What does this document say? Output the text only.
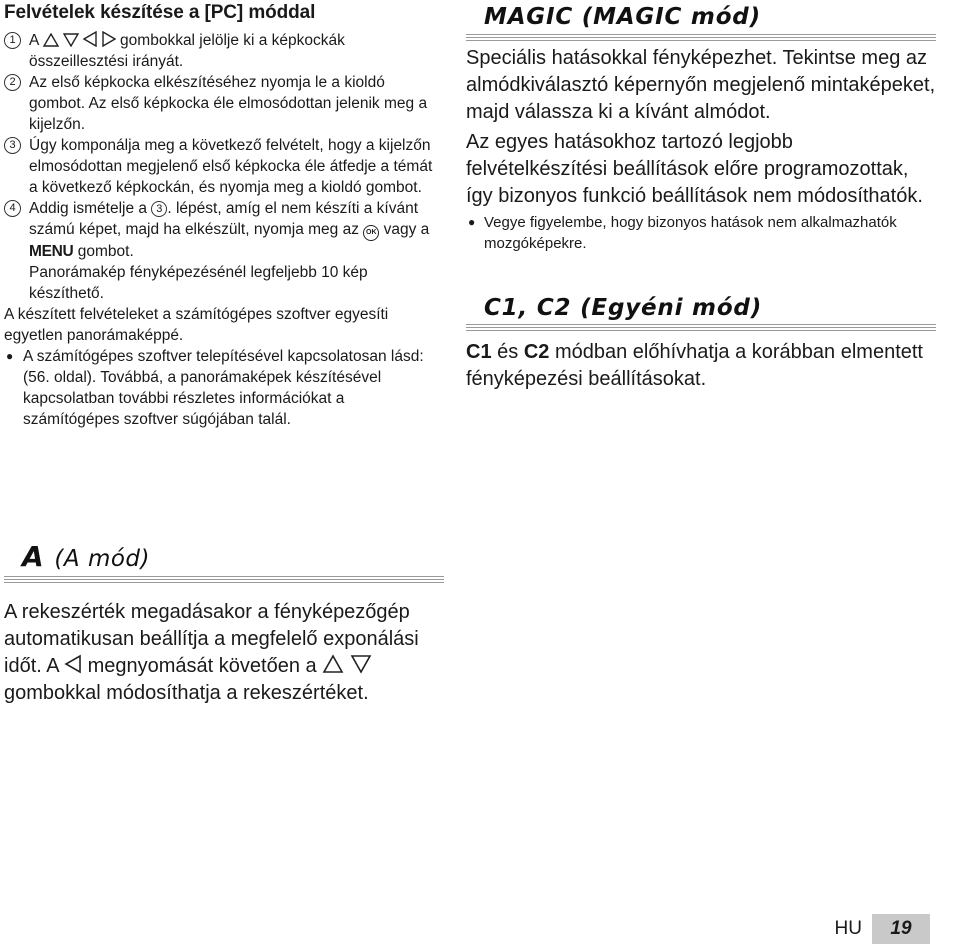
Felvételek készítése a [PC] móddal
1 A	gombokkal jelölje ki a képkockák összeillesztési irányát.
2 Az első képkocka elkészítéséhez nyomja le a kioldó gombot. Az első képkocka éle elmosódottan jelenik meg a kijelzőn.
3 Úgy komponálja meg a következő felvételt, hogy a kijelzőn elmosódottan megjelenő első képkocka éle átfedje a témát a következő képkockán, és nyomja meg a kioldó gombot.
4 Addig ismételje a 3 . lépést, amíg el nem készíti a kívánt számú képet, majd ha elkészült, nyomja meg az OK vagy a MENU gombot.
Panorámakép fényképezésénél legfeljebb 10 kép készíthető.

A készített felvételeket a számítógépes szoftver egyesíti egyetlen panorámaképpé.

● A számítógépes szoftver telepítésével kapcsolatosan lásd: (56. oldal). Továbbá, a panorámaképek készítésével kapcsolatban további részletes információkat a számítógépes szoftver súgójában talál.
A (A mód)

A rekeszérték megadásakor a fényképezőgép automatikusan beállítja a megfelelő exponálási időt. A  megnyomását követően a   gombokkal módosíthatja a rekeszértéket.

MAGIC (MAGIC mód)

Speciális hatásokkal fényképezhet. Tekintse meg az almódkiválasztó képernyőn megjelenő mintaképeket, majd válassza ki a kívánt almódot.

Az egyes hatásokhoz tartozó legjobb felvételkészítési beállítások előre programozottak, így bizonyos funkció beállítások nem módosíthatók.

● Vegye figyelembe, hogy bizonyos hatások nem alkalmazhatók mozgóképekre.
C1, C2 (Egyéni mód)

C1 és C2 módban előhívhatja a korábban elmentett fényképezési beállításokat.

HU	19
